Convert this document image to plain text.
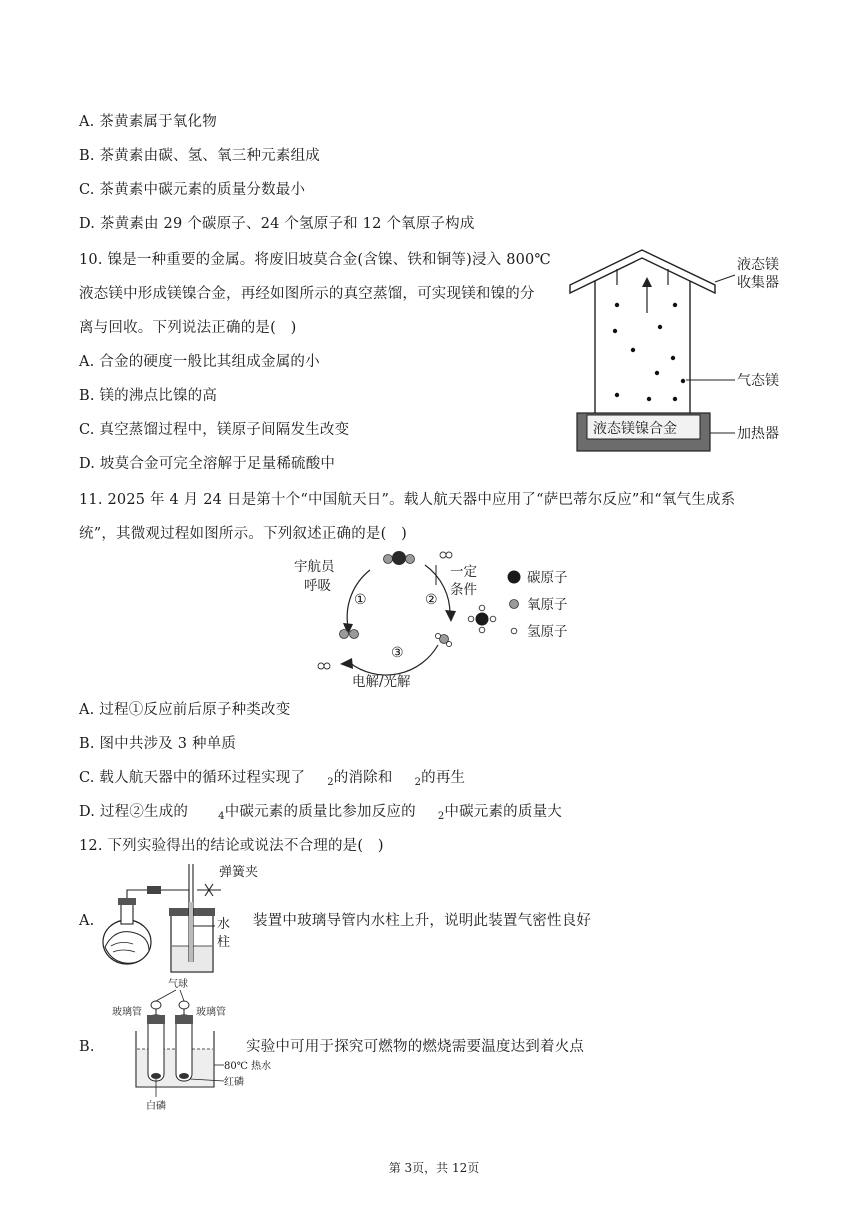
A. 茶黄素属于氧化物
B. 茶黄素由碳、氢、氧三种元素组成
C. 茶黄素中碳元素的质量分数最小
D. 茶黄素由 29 个碳原子、24 个氢原子和 12 个氧原子构成
10. 镍是一种重要的金属。将废旧坡莫合金(含镍、铁和铜等)浸入 800℃
液态镁中形成镁镍合金，再经如图所示的真空蒸馏，可实现镁和镍的分
离与回收。下列说法正确的是(　)
A. 合金的硬度一般比其组成金属的小
B. 镁的沸点比镍的高
C. 真空蒸馏过程中，镁原子间隔发生改变
D. 坡莫合金可完全溶解于足量稀硫酸中
液态镁镍合金
液态镁
收集器
气态镁
加热器
11. 2025 年 4 月 24 日是第十个“中国航天日”。载人航天器中应用了“萨巴蒂尔反应”和“氧气生成系
统”，其微观过程如图所示。下列叙述正确的是(　)
宇航员
呼吸
①	②
③
一定
条件
电解/光解
碳原子
氧原子
氢原子
A. 过程①反应前后原子种类改变
B. 图中共涉及 3 种单质
C. 载人航天器中的循环过程实现了 $_2$的消除和 $_2$的再生
D. 过程②生成的	$_4$中碳元素的质量比参加反应的 $_2$中碳元素的质量大
12. 下列实验得出的结论或说法不合理的是(　)
A.
弹簧夹
水
柱
装置中玻璃导管内水柱上升，说明此装置气密性良好
B.
气球
玻璃管	玻璃管
80℃ 热水
红磷
白磷
实验中可用于探究可燃物的燃烧需要温度达到着火点
第 3页，共 12页
